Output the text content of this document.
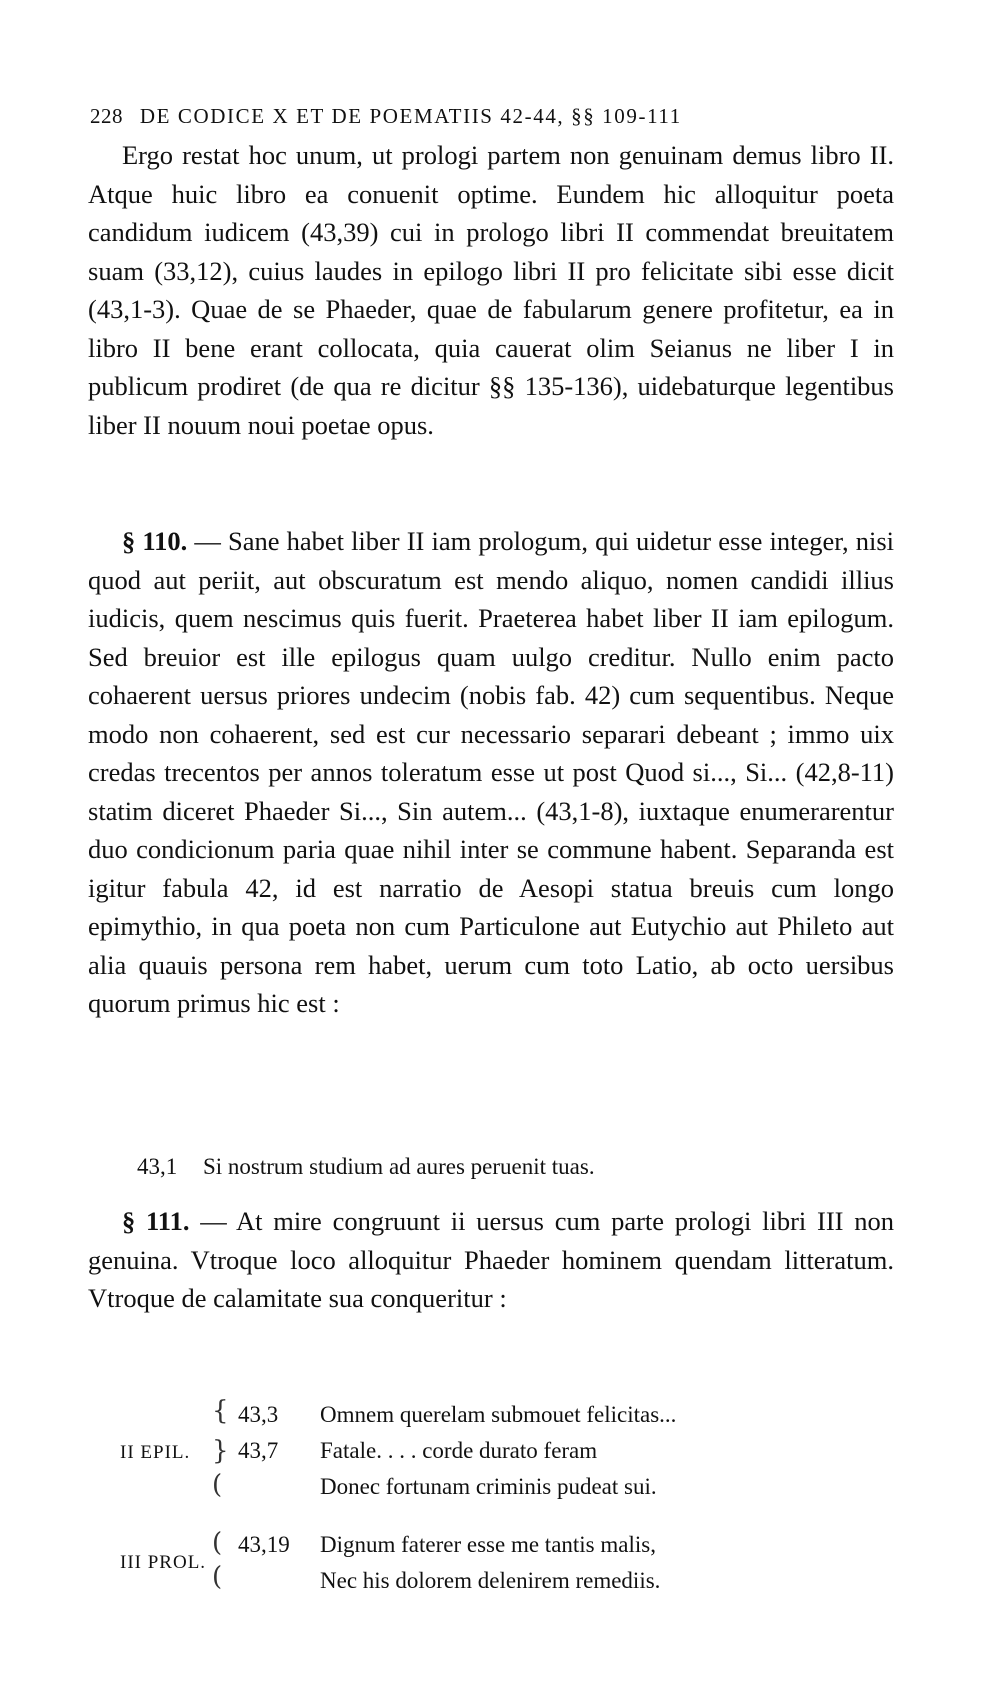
228 DE CODICE X ET DE POEMATIIS 42-44, §§ 109-111

Ergo restat hoc unum, ut prologi partem non genuinam demus libro II. Atque huic libro ea conuenit optime. Eundem hic alloquitur poeta candidum iudicem (43,39) cui in prologo libri II commendat breuitatem suam (33,12), cuius laudes in epilogo libri II pro felicitate sibi esse dicit (43,1-3). Quae de se Phaeder, quae de fabularum genere profitetur, ea in libro II bene erant collocata, quia cauerat olim Seianus ne liber I in publicum prodiret (de qua re dicitur §§ 135-136), uidebaturque legentibus liber II nouum noui poetae opus.

§ 110. — Sane habet liber II iam prologum, qui uidetur esse integer, nisi quod aut periit, aut obscuratum est mendo aliquo, nomen candidi illius iudicis, quem nescimus quis fuerit. Praeterea habet liber II iam epilogum. Sed breuior est ille epilogus quam uulgo creditur. Nullo enim pacto cohaerent uersus priores undecim (nobis fab. 42) cum sequentibus. Neque modo non cohaerent, sed est cur necessario separari debeant ; immo uix credas trecentos per annos toleratum esse ut post Quod si..., Si... (42,8-11) statim diceret Phaeder Si..., Sin autem... (43,1-8), iuxtaque enumerarentur duo condicionum paria quae nihil inter se commune habent. Separanda est igitur fabula 42, id est narratio de Aesopi statua breuis cum longo epimythio, in qua poeta non cum Particulone aut Eutychio aut Phileto aut alia quauis persona rem habet, uerum cum toto Latio, ab octo uersibus quorum primus hic est :

43,1 Si nostrum studium ad aures peruenit tuas.

§ 111. — At mire congruunt ii uersus cum parte prologi libri III non genuina. Vtroque loco alloquitur Phaeder hominem quendam litteratum. Vtroque de calamitate sua conqueritur :

II EPIL.
{
}
(
43,3 Omnem querelam submouet felicitas...
43,7 Fatale. . . . corde durato feram
Donec fortunam criminis pudeat sui.
III PROL.
(
(
43,19 Dignum faterer esse me tantis malis,
Nec his dolorem delenirem remediis.
